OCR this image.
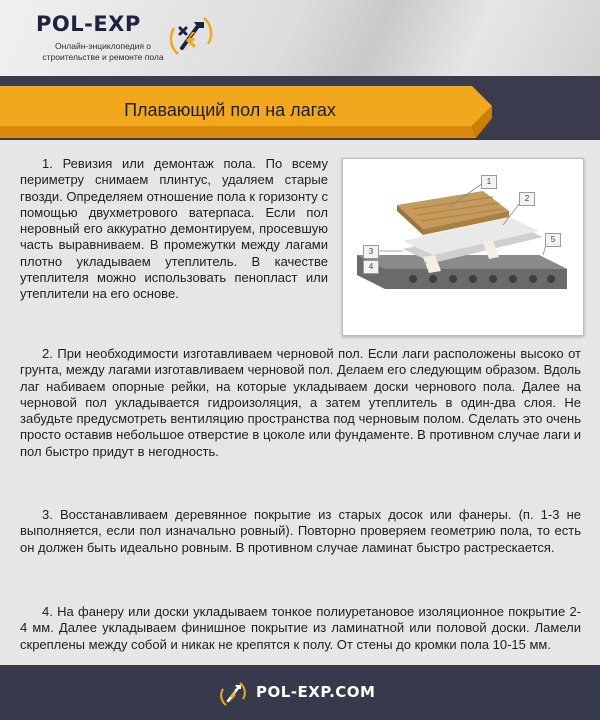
POL-EXP
Онлайн-энциклопедия о строительстве и ремонте пола
Плавающий пол на лагах

1. Ревизия или демонтаж пола. По всему периметру снимаем плинтус, удаляем старые гвозди. Определяем отношение пола к горизонту с помощью двухметрового ватерпаса. Если пол неровный его аккуратно демонтируем, просевшую часть выравниваем. В промежутки между лагами плотно укладываем утеплитель. В качестве утеплителя можно использовать пенопласт или утеплители на его основе.

1
2
3
4
5

2. При необходимости изготавливаем черновой пол. Если лаги расположены высоко от грунта, между лагами изготавливаем черновой пол. Делаем его следующим образом. Вдоль лаг набиваем опорные рейки, на которые укладываем доски чернового пола. Далее на черновой пол укладывается гидроизоляция, а затем утеплитель в один-два слоя. Не забудьте предусмотреть вентиляцию пространства под черновым полом. Сделать это очень просто оставив небольшое отверстие в цоколе или фундаменте. В противном случае лаги и пол быстро придут в негодность.

3. Восстанавливаем деревянное покрытие из старых досок или фанеры. (п. 1-3 не выполняется, если пол изначально ровный). Повторно проверяем геометрию пола, то есть он должен быть идеально ровным. В противном случае ламинат быстро растрескается.

4. На фанеру или доски укладываем тонкое полиуретановое изоляционное покрытие 2-4 мм. Далее укладываем финишное покрытие из ламинатной или половой доски. Ламели скреплены между собой и никак не крепятся к полу. От стены до кромки пола 10-15 мм.

POL-EXP.COM
